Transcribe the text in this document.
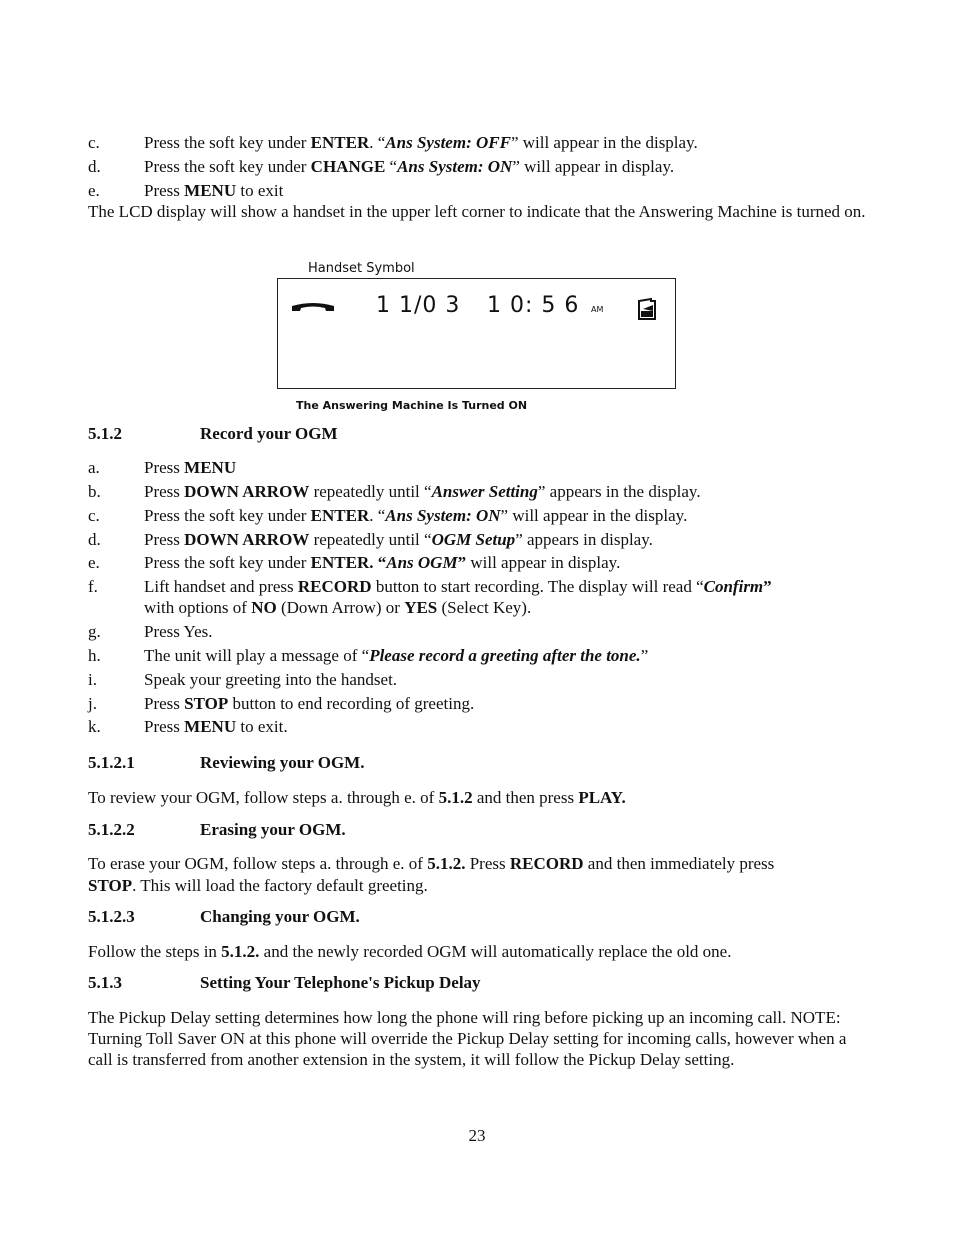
c.	Press the soft key under ENTER. “Ans System: OFF” will appear in the display.
d.	Press the soft key under CHANGE “Ans System: ON” will appear in display.
e.	Press MENU to exit
The LCD display will show a handset in the upper left corner to indicate that the Answering Machine is turned on.
Handset Symbol
1 1/0 3 1 0: 5 6 AM
The Answering Machine Is Turned ON
5.1.2	Record your OGM
a.	Press MENU
b.	Press DOWN ARROW repeatedly until “Answer Setting” appears in the display.
c.	Press the soft key under ENTER. “Ans System: ON” will appear in the display.
d.	Press DOWN ARROW repeatedly until “OGM Setup” appears in display.
e.	Press the soft key under ENTER. “Ans OGM” will appear in display.
f.	Lift handset and press RECORD button to start recording. The display will read “Confirm”
with options of NO (Down Arrow) or YES (Select Key).
g.	Press Yes.
h.	The unit will play a message of “Please record a greeting after the tone.”
i.	Speak your greeting into the handset.
j.	Press STOP button to end recording of greeting.
k.	Press MENU to exit.
5.1.2.1	Reviewing your OGM.
To review your OGM, follow steps a. through e. of 5.1.2 and then press PLAY.
5.1.2.2	Erasing your OGM.
To erase your OGM, follow steps a. through e. of 5.1.2. Press RECORD and then immediately press
STOP. This will load the factory default greeting.
5.1.2.3	Changing your OGM.
Follow the steps in 5.1.2. and the newly recorded OGM will automatically replace the old one.
5.1.3	Setting Your Telephone's Pickup Delay
The Pickup Delay setting determines how long the phone will ring before picking up an incoming call. NOTE: Turning Toll Saver ON at this phone will override the Pickup Delay setting for incoming calls, however when a call is transferred from another extension in the system, it will follow the Pickup Delay setting.
23
